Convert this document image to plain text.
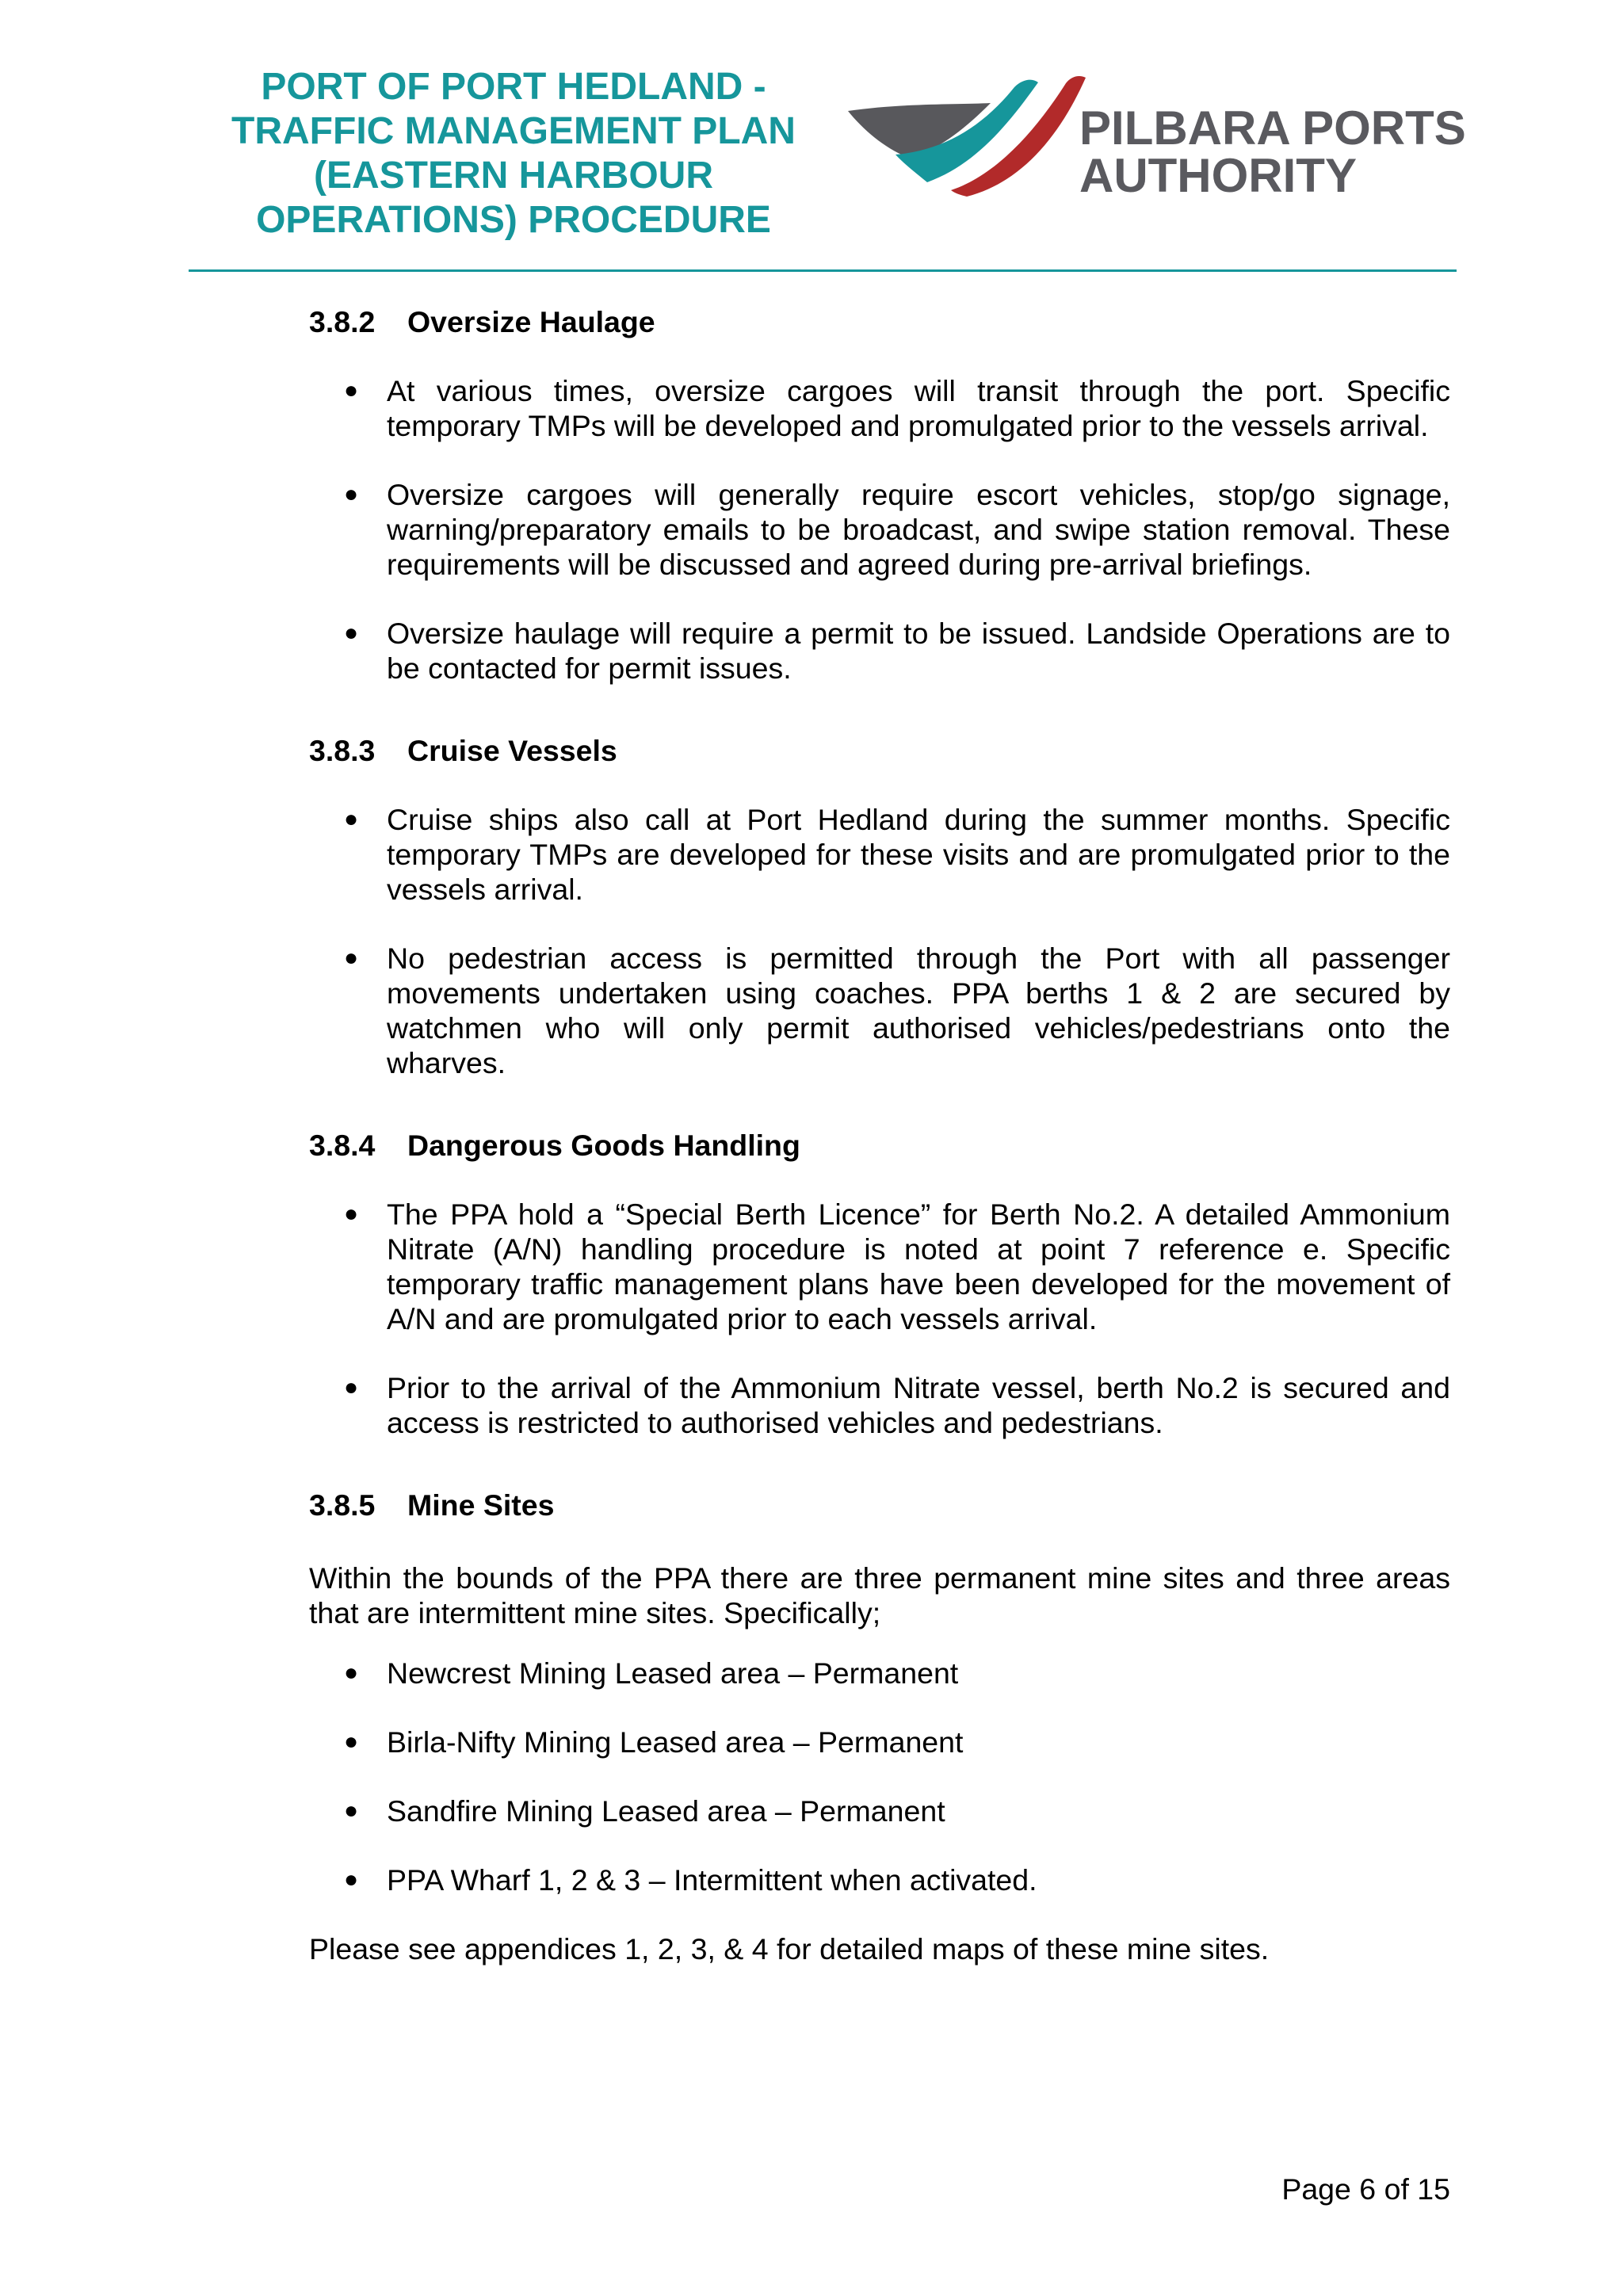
PORT OF PORT HEDLAND -
TRAFFIC MANAGEMENT PLAN
(EASTERN HARBOUR
OPERATIONS) PROCEDURE
PILBARA PORTS
AUTHORITY
3.8.2	Oversize Haulage
● At various times, oversize cargoes will transit through the port. Specific temporary TMPs will be developed and promulgated prior to the vessels arrival.
● Oversize cargoes will generally require escort vehicles, stop/go signage, warning/preparatory emails to be broadcast, and swipe station removal. These requirements will be discussed and agreed during pre-arrival briefings.
● Oversize haulage will require a permit to be issued. Landside Operations are to be contacted for permit issues.
3.8.3	Cruise Vessels
● Cruise ships also call at Port Hedland during the summer months. Specific temporary TMPs are developed for these visits and are promulgated prior to the vessels arrival.
● No pedestrian access is permitted through the Port with all passenger movements undertaken using coaches. PPA berths 1 & 2 are secured by watchmen who will only permit authorised vehicles/pedestrians onto the wharves.
3.8.4	Dangerous Goods Handling
● The PPA hold a “Special Berth Licence” for Berth No.2. A detailed Ammonium Nitrate (A/N) handling procedure is noted at point 7 reference e. Specific temporary traffic management plans have been developed for the movement of A/N and are promulgated prior to each vessels arrival.
● Prior to the arrival of the Ammonium Nitrate vessel, berth No.2 is secured and access is restricted to authorised vehicles and pedestrians.
3.8.5	Mine Sites
Within the bounds of the PPA there are three permanent mine sites and three areas that are intermittent mine sites. Specifically;
● Newcrest Mining Leased area – Permanent
● Birla-Nifty Mining Leased area – Permanent
● Sandfire Mining Leased area – Permanent
● PPA Wharf 1, 2 & 3 – Intermittent when activated.
Please see appendices 1, 2, 3, & 4 for detailed maps of these mine sites.
Page 6 of 15
